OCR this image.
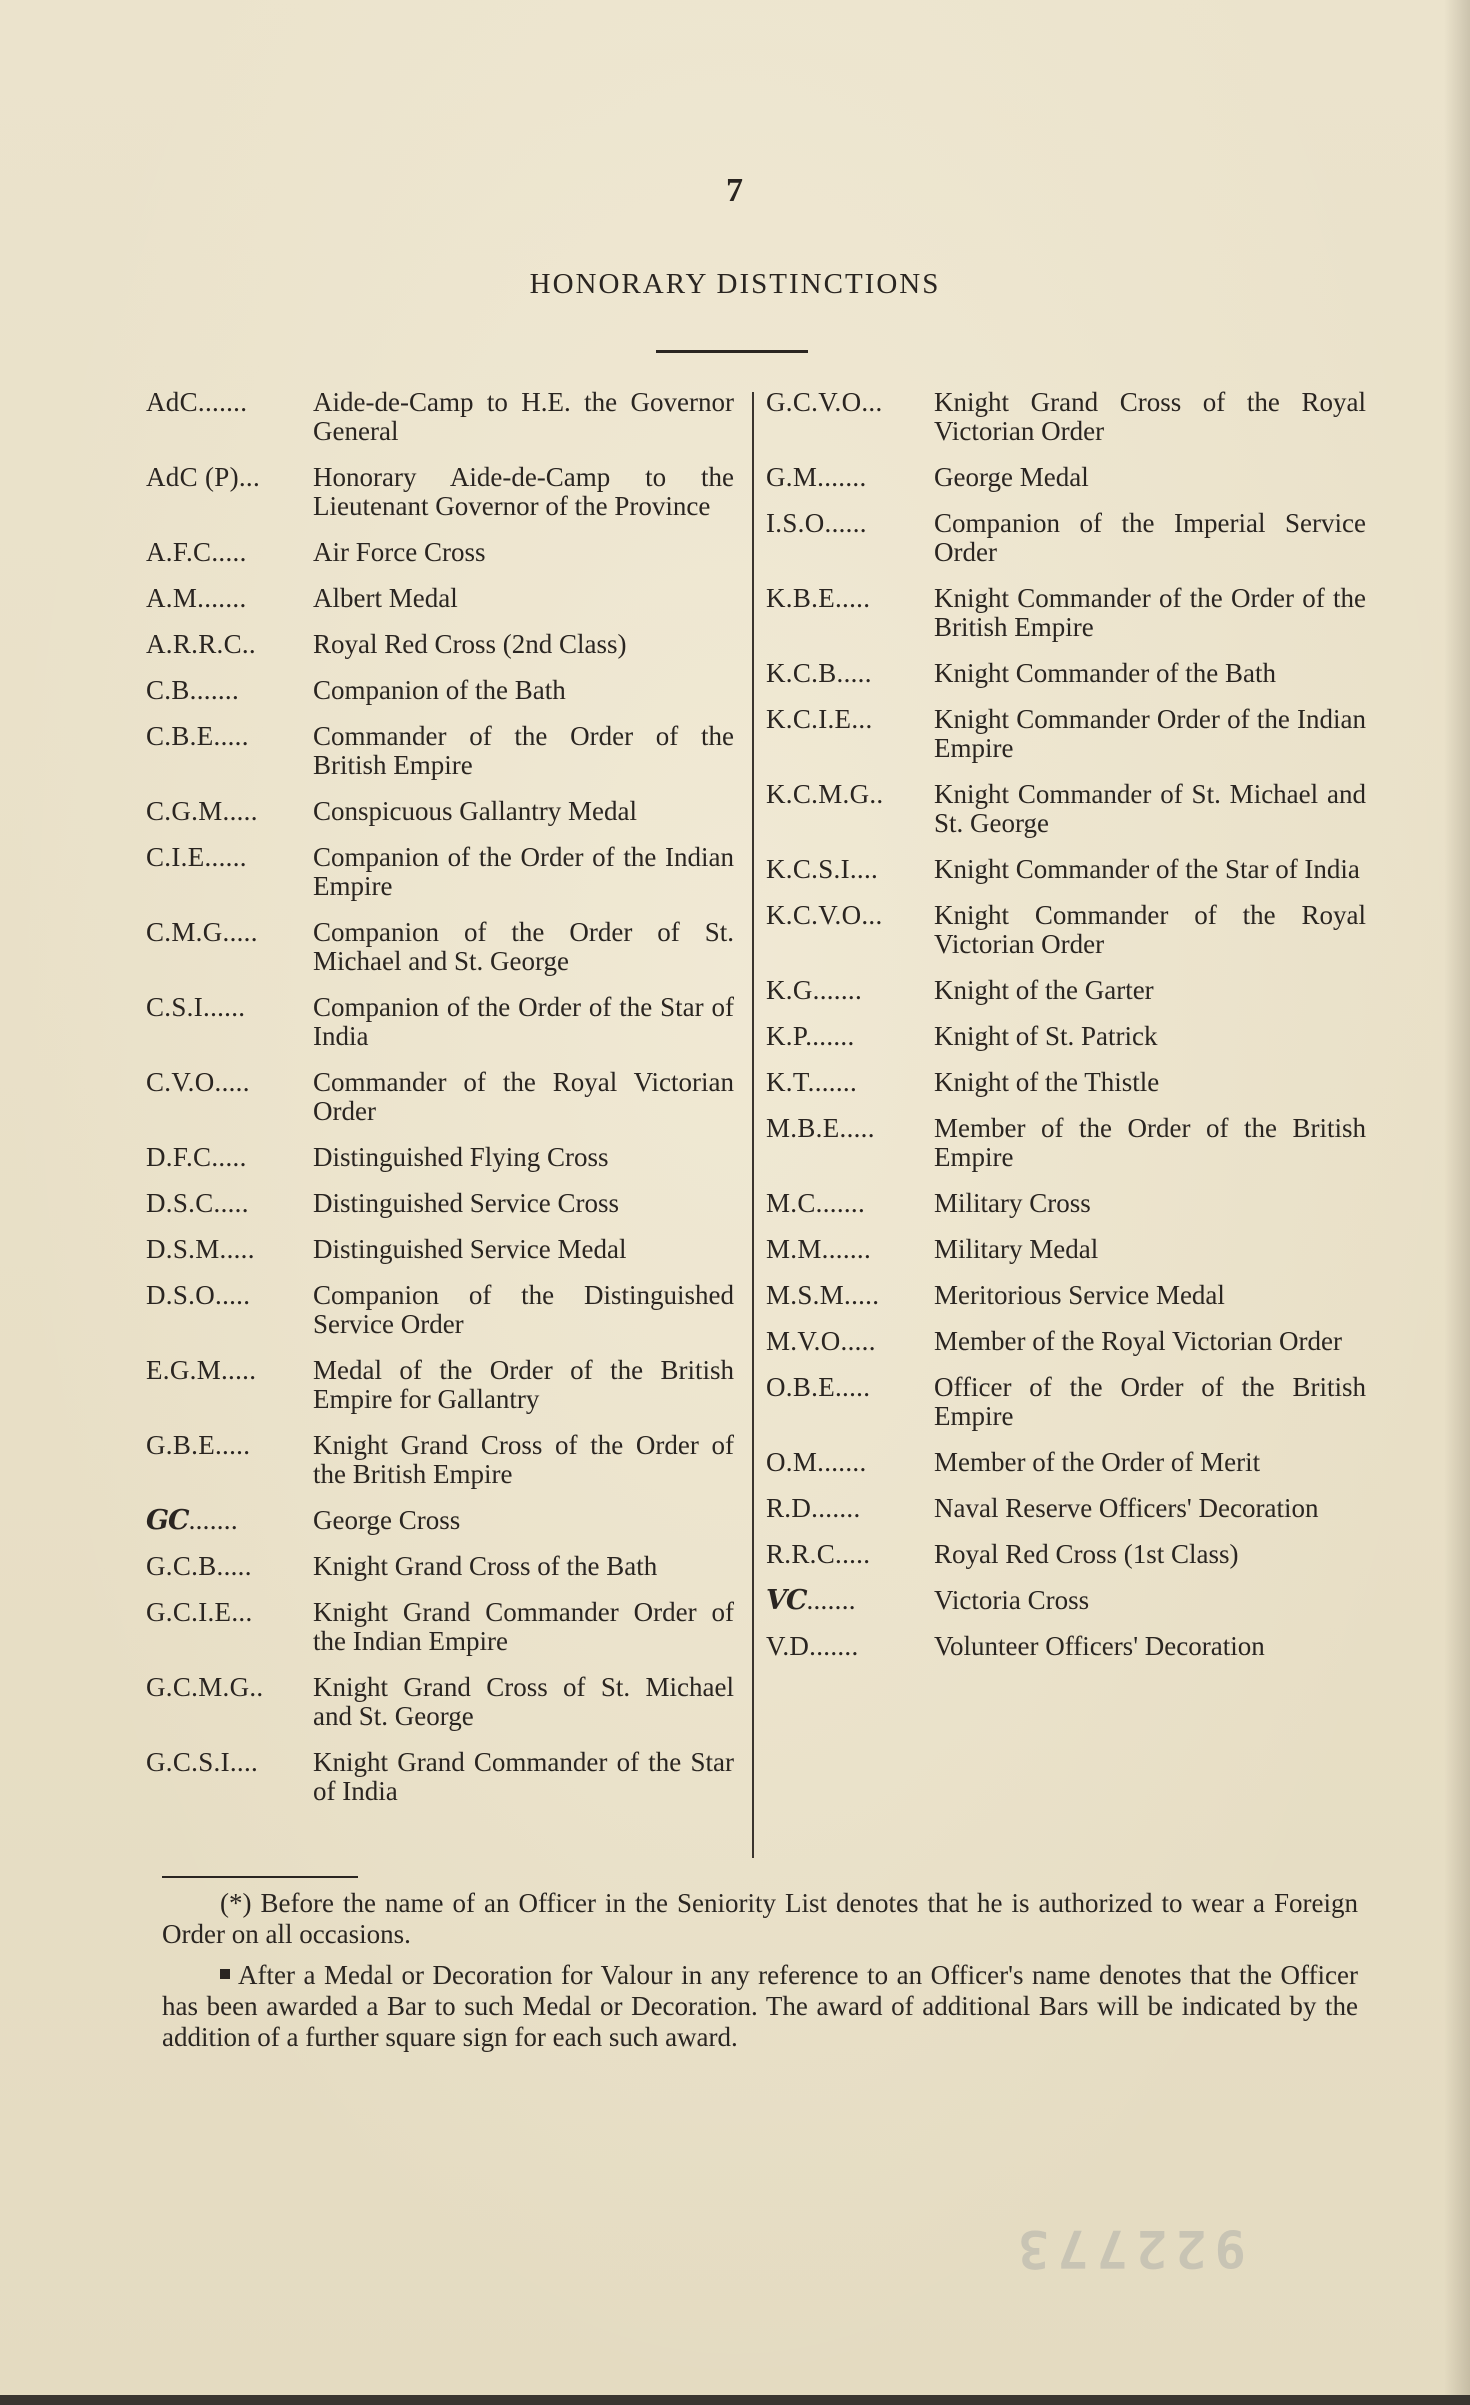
7
HONORARY DISTINCTIONS
AdC.......	Aide-de-Camp to H.E. the Governor General
AdC (P)...	Honorary Aide-de-Camp to the Lieutenant Governor of the Province
A.F.C.....	Air Force Cross
A.M.......	Albert Medal
A.R.R.C..	Royal Red Cross (2nd Class)
C.B.......	Companion of the Bath
C.B.E.....	Commander of the Order of the British Empire
C.G.M.....	Conspicuous Gallantry Medal
C.I.E......	Companion of the Order of the Indian Empire
C.M.G.....	Companion of the Order of St. Michael and St. George
C.S.I......	Companion of the Order of the Star of India
C.V.O.....	Commander of the Royal Victorian Order
D.F.C.....	Distinguished Flying Cross
D.S.C.....	Distinguished Service Cross
D.S.M.....	Distinguished Service Medal
D.S.O.....	Companion of the Distinguished Service Order
E.G.M.....	Medal of the Order of the British Empire for Gallantry
G.B.E.....	Knight Grand Cross of the Order of the British Empire
GC.......	George Cross
G.C.B.....	Knight Grand Cross of the Bath
G.C.I.E...	Knight Grand Commander Order of the Indian Empire
G.C.M.G..	Knight Grand Cross of St. Michael and St. George
G.C.S.I....	Knight Grand Commander of the Star of India
G.C.V.O...	Knight Grand Cross of the Royal Victorian Order
G.M.......	George Medal
I.S.O......	Companion of the Imperial Service Order
K.B.E.....	Knight Commander of the Order of the British Empire
K.C.B.....	Knight Commander of the Bath
K.C.I.E...	Knight Commander Order of the Indian Empire
K.C.M.G..	Knight Commander of St. Michael and St. George
K.C.S.I....	Knight Commander of the Star of India
K.C.V.O...	Knight Commander of the Royal Victorian Order
K.G.......	Knight of the Garter
K.P.......	Knight of St. Patrick
K.T.......	Knight of the Thistle
M.B.E.....	Member of the Order of the British Empire
M.C.......	Military Cross
M.M.......	Military Medal
M.S.M.....	Meritorious Service Medal
M.V.O.....	Member of the Royal Victorian Order
O.B.E.....	Officer of the Order of the British Empire
O.M.......	Member of the Order of Merit
R.D.......	Naval Reserve Officers' Decoration
R.R.C.....	Royal Red Cross (1st Class)
VC.......	Victoria Cross
V.D.......	Volunteer Officers' Decoration

(*) Before the name of an Officer in the Seniority List denotes that he is authorized to wear a Foreign Order on all occasions.

After a Medal or Decoration for Valour in any reference to an Officer's name denotes that the Officer has been awarded a Bar to such Medal or Decoration. The award of additional Bars will be indicated by the addition of a further square sign for each such award.

922773
